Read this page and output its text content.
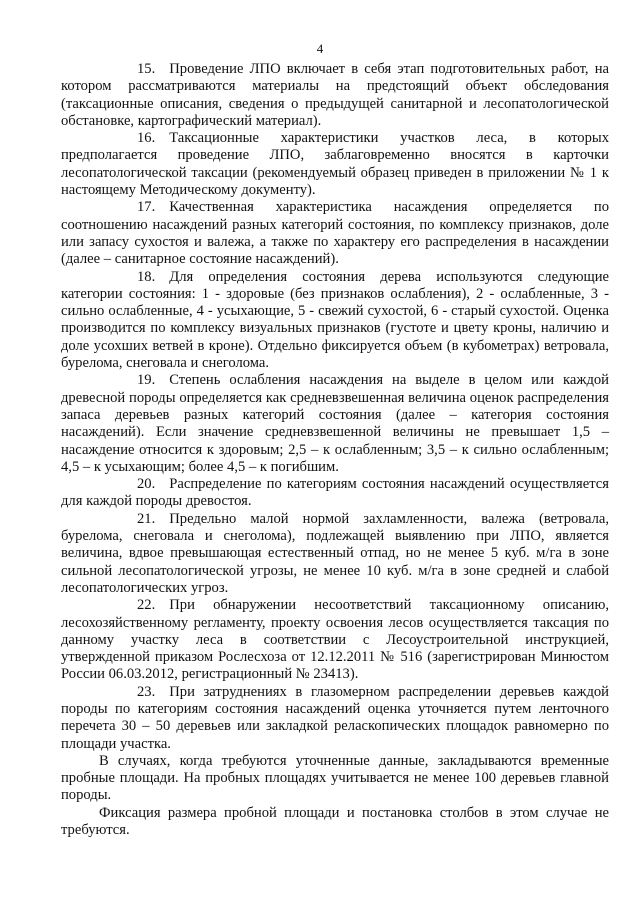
4

15. Проведение ЛПО включает в себя этап подготовительных работ, на котором рассматриваются материалы на предстоящий объект обследования (таксационные описания, сведения о предыдущей санитарной и лесопатологической обстановке, картографический материал).

16. Таксационные характеристики участков леса, в которых предполагается проведение ЛПО, заблаговременно вносятся в карточки лесопатологической таксации (рекомендуемый образец приведен в приложении № 1 к настоящему Методическому документу).

17. Качественная характеристика насаждения определяется по соотношению насаждений разных категорий состояния, по комплексу признаков, доле или запасу сухостоя и валежа, а также по характеру его распределения в насаждении (далее – санитарное состояние насаждений).

18. Для определения состояния дерева используются следующие категории состояния: 1 - здоровые (без признаков ослабления), 2 - ослабленные, 3 - сильно ослабленные, 4 - усыхающие, 5 - свежий сухостой, 6 - старый сухостой. Оценка производится по комплексу визуальных признаков (густоте и цвету кроны, наличию и доле усохших ветвей в кроне). Отдельно фиксируется объем (в кубометрах) ветровала, бурелома, снеговала и снеголома.

19. Степень ослабления насаждения на выделе в целом или каждой древесной породы определяется как средневзвешенная величина оценок распределения запаса деревьев разных категорий состояния (далее – категория состояния насаждений). Если значение средневзвешенной величины не превышает 1,5 – насаждение относится к здоровым; 2,5 – к ослабленным; 3,5 – к сильно ослабленным; 4,5 – к усыхающим; более 4,5 – к погибшим.

20. Распределение по категориям состояния насаждений осуществляется для каждой породы древостоя.

21. Предельно малой нормой захламленности, валежа (ветровала, бурелома, снеговала и снеголома), подлежащей выявлению при ЛПО, является величина, вдвое превышающая естественный отпад, но не менее 5 куб. м/га в зоне сильной лесопатологической угрозы, не менее 10 куб. м/га в зоне средней и слабой лесопатологических угроз.

22. При обнаружении несоответствий таксационному описанию, лесохозяйственному регламенту, проекту освоения лесов осуществляется таксация по данному участку леса в соответствии с Лесоустроительной инструкцией, утвержденной приказом Рослесхоза от 12.12.2011 № 516 (зарегистрирован Минюстом России 06.03.2012, регистрационный № 23413).

23. При затруднениях в глазомерном распределении деревьев каждой породы по категориям состояния насаждений оценка уточняется путем ленточного перечета 30 – 50 деревьев или закладкой реласкопических площадок равномерно по площади участка.

В случаях, когда требуются уточненные данные, закладываются временные пробные площади. На пробных площадях учитывается не менее 100 деревьев главной породы.

Фиксация размера пробной площади и постановка столбов в этом случае не требуются.
